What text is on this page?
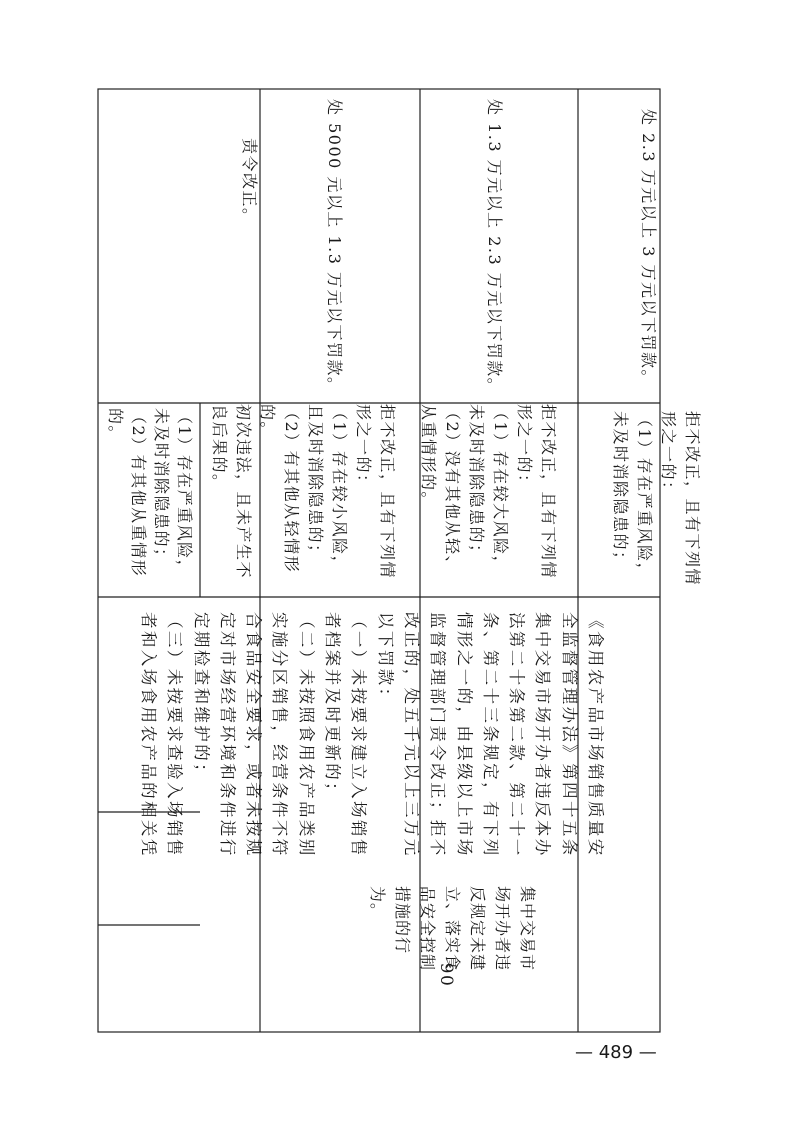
（1）存在严重风险，
未及时消除隐患的；
（2）有其他从重情形
的。	初次违法，且未产生不
良后果的。
责令改正。
拒不改正，且有下列情
形之一的：
（1）存在较小风险，
且及时消除隐患的；
（2）有其他从轻情形
的。
处 5000 元以上 1.3 万元以下罚款。
拒不改正，且有下列情
形之一的：
（1）存在较大风险，
未及时消除隐患的；
（2）没有其他从轻、
从重情形的。
处 1.3 万元以上 2.3 万元以下罚款。
拒不改正，且有下列情
形之一的：
（1）存在严重风险，
未及时消除隐患的；
处 2.3 万元以上 3 万元以下罚款。
《食用农产品市场销售质量安
全监督管理办法》第四十五条
集中交易市场开办者违反本办
法第二十条第二款、第二十一
条、第二十三条规定，有下列
情形之一的，由县级以上市场
监督管理部门责令改正；拒不
改正的，处五千元以上三万元
以下罚款：
（一）未按要求建立入场销售
者档案并及时更新的；
（二）未按照食用农产品类别
实施分区销售，经营条件不符
合食品安全要求，或者未按规
定对市场经营环境和条件进行
定期检查和维护的；
（三）未按要求查验入场销售
者和入场食用农产品的相关凭
集中交易市
场开办者违
反规定未建
立、落实食
品安全控制
措施的行
为。
90
— 489 —
